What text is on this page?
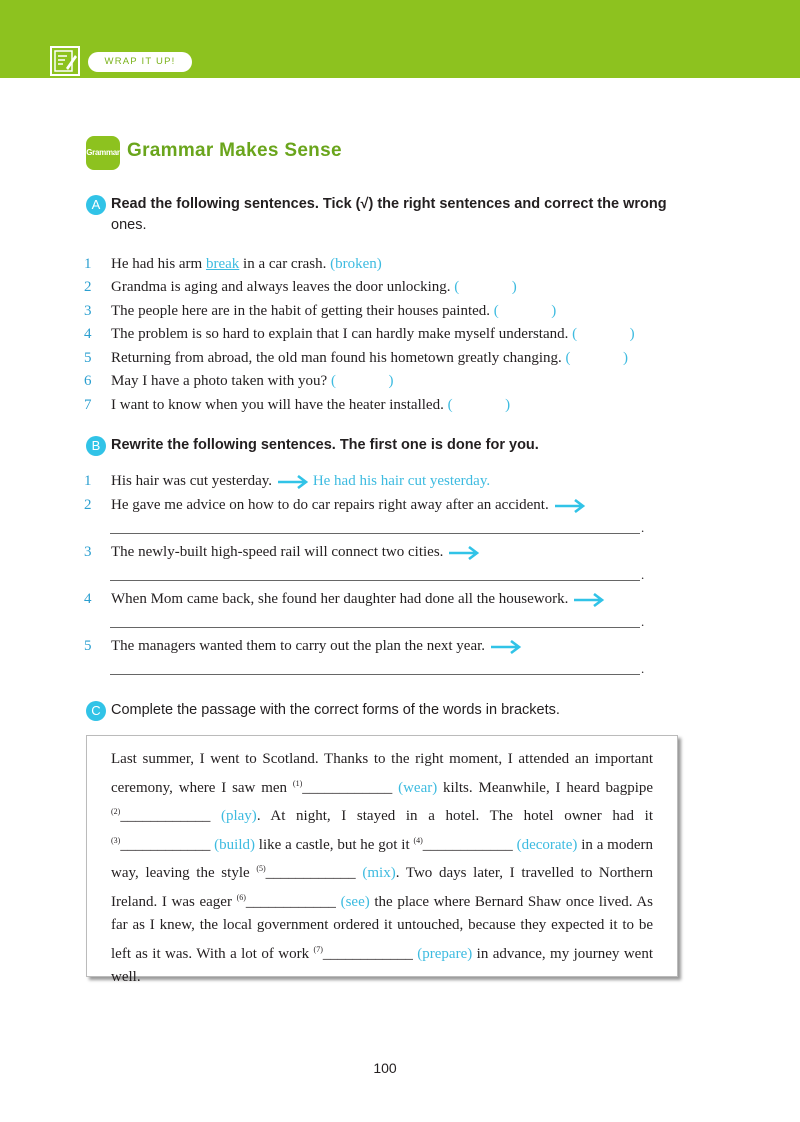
WRAP IT UP!
Grammar Grammar Makes Sense
A Read the following sentences. Tick (√) the right sentences and correct the wrong
ones.
1 He had his arm break in a car crash. (broken)
2 Grandma is aging and always leaves the door unlocking. (              )
3 The people here are in the habit of getting their houses painted. (              )
4 The problem is so hard to explain that I can hardly make myself understand. (              )
5 Returning from abroad, the old man found his hometown greatly changing. (              )
6 May I have a photo taken with you? (              )
7 I want to know when you will have the heater installed. (              )
B Rewrite the following sentences. The first one is done for you.
1 His hair was cut yesterday.	He had his hair cut yesterday.
2 He gave me advice on how to do car repairs right away after an accident.
.
3 The newly-built high-speed rail will connect two cities.
.
4 When Mom came back, she found her daughter had done all the housework.
.
5 The managers wanted them to carry out the plan the next year.
.
C Complete the passage with the correct forms of the words in brackets.
Last summer, I went to Scotland. Thanks to the right moment, I attended an important ceremony, where I saw men $^{(1)}$____________ (wear) kilts. Meanwhile, I heard bagpipe $^{(2)}$____________ (play). At night, I stayed in a hotel. The hotel owner had it $^{(3)}$____________ (build) like a castle, but he got it $^{(4)}$____________ (decorate) in a modern way, leaving the style $^{(5)}$____________ (mix). Two days later, I travelled to Northern Ireland. I was eager $^{(6)}$____________ (see) the place where Bernard Shaw once lived. As far as I knew, the local government ordered it untouched, because they expected it to be left as it was. With a lot of work $^{(7)}$____________ (prepare) in advance, my journey went well.
100
